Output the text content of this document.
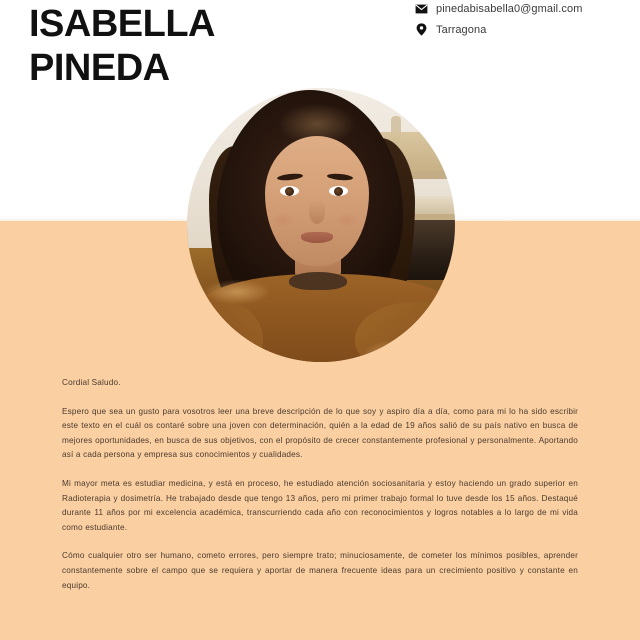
ISABELLA
PINEDA
pinedabisabella0@gmail.com
Tarragona

Cordial Saludo.

Espero que sea un gusto para vosotros leer una breve descripción de lo que soy y aspiro día a día, como para mi lo ha sido escribir este texto en el cuál os contaré sobre una joven con determinación, quién a la edad de 19 años salió de su país nativo en busca de mejores oportunidades, en busca de sus objetivos, con el propósito de crecer constantemente profesional y personalmente. Aportando así a cada persona y empresa sus conocimientos y cualidades.

Mi mayor meta es estudiar medicina, y está en proceso, he estudiado atención sociosanitaria y estoy haciendo un grado superior en Radioterapia y dosimetría. He trabajado desde que tengo 13 años, pero mi primer trabajo formal lo tuve desde los 15 años. Destaqué durante 11 años por mi excelencia académica, transcurriendo cada año con reconocimientos y logros notables a lo largo de mi vida como estudiante.

Cómo cualquier otro ser humano, cometo errores, pero siempre trato; minuciosamente, de cometer los mínimos posibles, aprender constantemente sobre el campo que se requiera y aportar de manera frecuente ideas para un crecimiento positivo y constante en equipo.
